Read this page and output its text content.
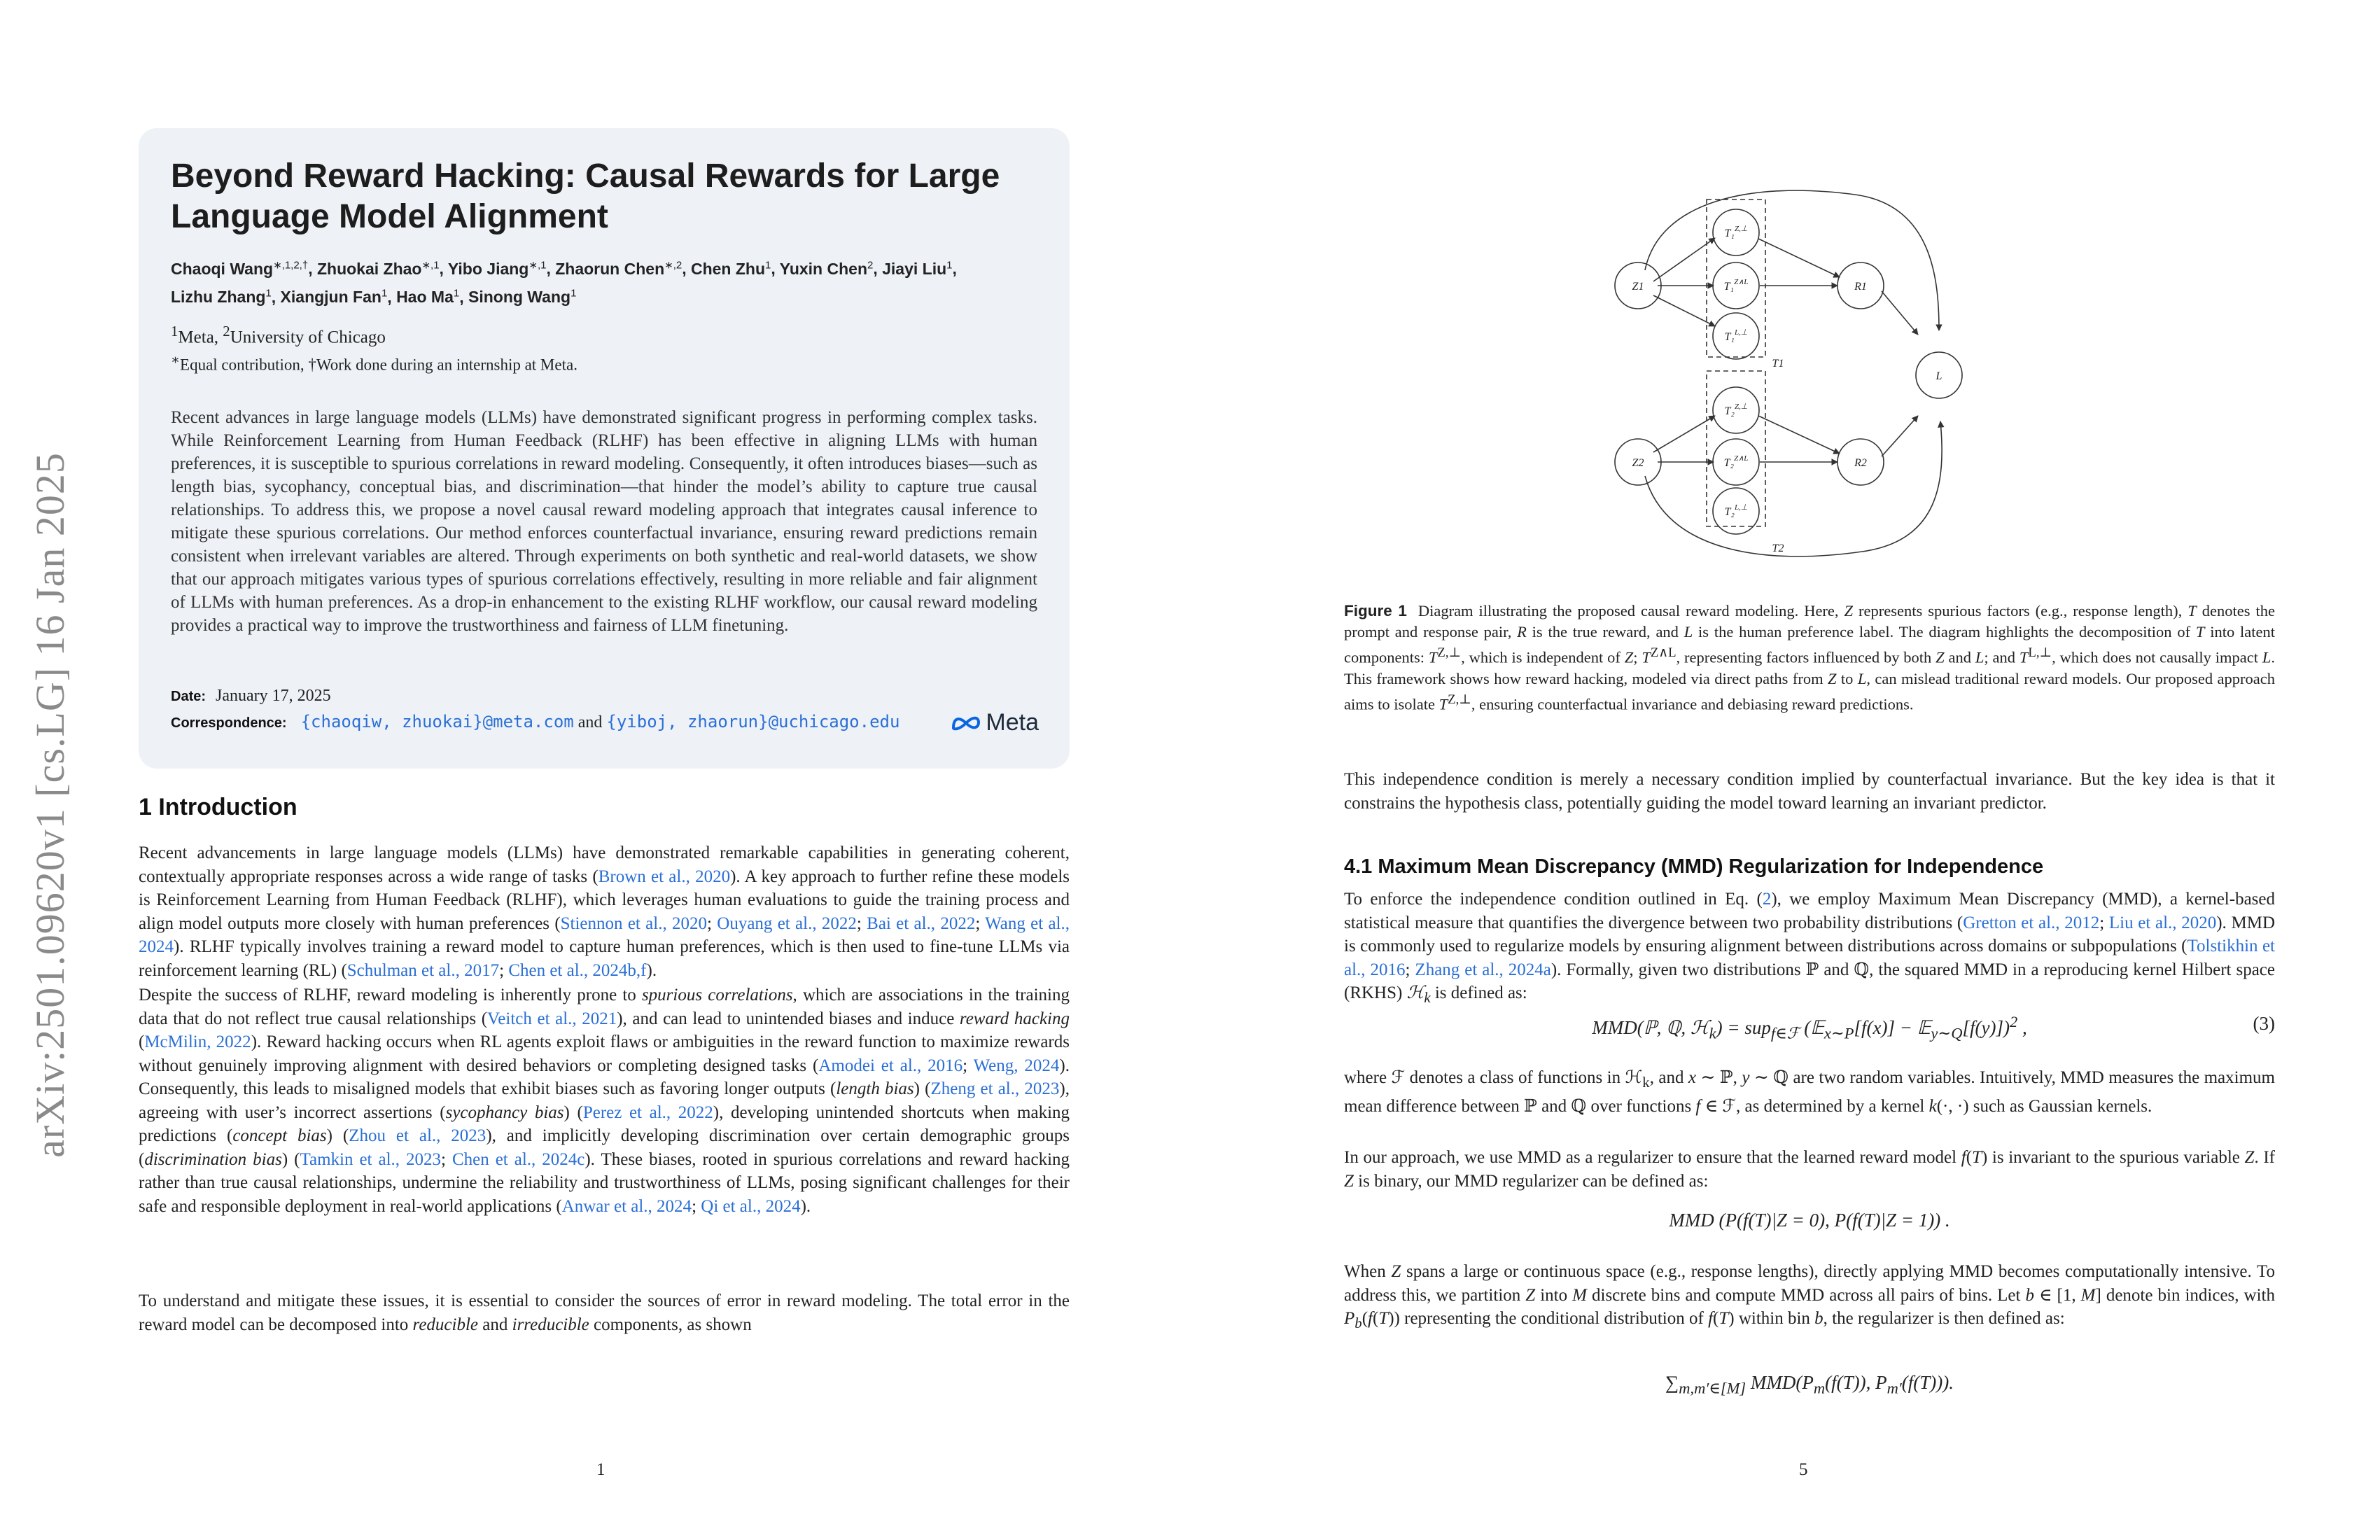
arXiv:2501.09620v1 [cs.LG] 16 Jan 2025
Beyond Reward Hacking: Causal Rewards for Large Language Model Alignment
Chaoqi Wang$^{∗,1,2,\dagger}$, Zhuokai Zhao$^{∗,1}$, Yibo Jiang$^{∗,1}$, Zhaorun Chen$^{∗,2}$, Chen Zhu$^1$, Yuxin Chen$^2$, Jiayi Liu$^1$,
Lizhu Zhang$^1$, Xiangjun Fan$^1$, Hao Ma$^1$, Sinong Wang$^1$
$^1$Meta, $^2$University of Chicago
∗Equal contribution, †Work done during an internship at Meta.

Recent advances in large language models (LLMs) have demonstrated significant progress in performing complex tasks. While Reinforcement Learning from Human Feedback (RLHF) has been effective in aligning LLMs with human preferences, it is susceptible to spurious correlations in reward modeling. Consequently, it often introduces biases—such as length bias, sycophancy, conceptual bias, and discrimination—that hinder the model’s ability to capture true causal relationships. To address this, we propose a novel causal reward modeling approach that integrates causal inference to mitigate these spurious correlations. Our method enforces counterfactual invariance, ensuring reward predictions remain consistent when irrelevant variables are altered. Through experiments on both synthetic and real-world datasets, we show that our approach mitigates various types of spurious correlations effectively, resulting in more reliable and fair alignment of LLMs with human preferences. As a drop-in enhancement to the existing RLHF workflow, our causal reward modeling provides a practical way to improve the trustworthiness and fairness of LLM finetuning.

Date: January 17, 2025
Correspondence: {chaoqiw, zhuokai}@meta.com and {yiboj, zhaorun}@uchicago.edu	Meta
1 Introduction

Recent advancements in large language models (LLMs) have demonstrated remarkable capabilities in generating coherent, contextually appropriate responses across a wide range of tasks (Brown et al., 2020). A key approach to further refine these models is Reinforcement Learning from Human Feedback (RLHF), which leverages human evaluations to guide the training process and align model outputs more closely with human preferences (Stiennon et al., 2020; Ouyang et al., 2022; Bai et al., 2022; Wang et al., 2024). RLHF typically involves training a reward model to capture human preferences, which is then used to fine-tune LLMs via reinforcement learning (RL) (Schulman et al., 2017; Chen et al., 2024b,f).

Despite the success of RLHF, reward modeling is inherently prone to spurious correlations, which are associations in the training data that do not reflect true causal relationships (Veitch et al., 2021), and can lead to unintended biases and induce reward hacking (McMilin, 2022). Reward hacking occurs when RL agents exploit flaws or ambiguities in the reward function to maximize rewards without genuinely improving alignment with desired behaviors or completing designed tasks (Amodei et al., 2016; Weng, 2024). Consequently, this leads to misaligned models that exhibit biases such as favoring longer outputs (length bias) (Zheng et al., 2023), agreeing with user’s incorrect assertions (sycophancy bias) (Perez et al., 2022), developing unintended shortcuts when making predictions (concept bias) (Zhou et al., 2023), and implicitly developing discrimination over certain demographic groups (discrimination bias) (Tamkin et al., 2023; Chen et al., 2024c). These biases, rooted in spurious correlations and reward hacking rather than true causal relationships, undermine the reliability and trustworthiness of LLMs, posing significant challenges for their safe and responsible deployment in real-world applications (Anwar et al., 2024; Qi et al., 2024).

To understand and mitigate these issues, it is essential to consider the sources of error in reward modeling. The total error in the reward model can be decomposed into reducible and irreducible components, as shown

1
Z1
Z2
T₁$^{Z,\perp}$
T₁$^{Z\wedge L}$
T₁$^{L,\perp}$
T₂$^{Z,\perp}$
T₂$^{Z\wedge L}$
T₂$^{L,\perp}$
R1
R2
L
T1
T2
Figure 1  Diagram illustrating the proposed causal reward modeling. Here, Z represents spurious factors (e.g., response length), T denotes the prompt and response pair, R is the true reward, and L is the human preference label. The diagram highlights the decomposition of T into latent components: $T^{Z,\perp}$, which is independent of Z; $T^{Z\wedge L}$, representing factors influenced by both Z and L; and $T^{L,\perp}$, which does not causally impact L. This framework shows how reward hacking, modeled via direct paths from Z to L, can mislead traditional reward models. Our proposed approach aims to isolate $T^{Z,\perp}$, ensuring counterfactual invariance and debiasing reward predictions.

This independence condition is merely a necessary condition implied by counterfactual invariance. But the key idea is that it constrains the hypothesis class, potentially guiding the model toward learning an invariant predictor.

4.1 Maximum Mean Discrepancy (MMD) Regularization for Independence

To enforce the independence condition outlined in Eq. (2), we employ Maximum Mean Discrepancy (MMD), a kernel-based statistical measure that quantifies the divergence between two probability distributions (Gretton et al., 2012; Liu et al., 2020). MMD is commonly used to regularize models by ensuring alignment between distributions across domains or subpopulations (Tolstikhin et al., 2016; Zhang et al., 2024a). Formally, given two distributions ℙ and ℚ, the squared MMD in a reproducing kernel Hilbert space (RKHS) ℋ$_k$ is defined as:

MMD(ℙ, ℚ, ℋ$_k$) = sup$_{f\in ℱ}$ (𝔼$_{x\sim P}$[f(x)] − 𝔼$_{y\sim Q}$[f(y)])$^2$ ,	(3)

where ℱ denotes a class of functions in ℋ$_k$, and x ∼ ℙ, y ∼ ℚ are two random variables. Intuitively, MMD measures the maximum mean difference between ℙ and ℚ over functions f ∈ ℱ, as determined by a kernel k(·, ·) such as Gaussian kernels.

In our approach, we use MMD as a regularizer to ensure that the learned reward model f(T) is invariant to the spurious variable Z. If Z is binary, our MMD regularizer can be defined as:

MMD (P(f(T)|Z = 0), P(f(T)|Z = 1)) .

When Z spans a large or continuous space (e.g., response lengths), directly applying MMD becomes computationally intensive. To address this, we partition Z into M discrete bins and compute MMD across all pairs of bins. Let b ∈ [1, M] denote bin indices, with $P_b(f(T))$ representing the conditional distribution of f(T) within bin b, the regularizer is then defined as:

$\sum_{m,m'\in[M]}$ $MMD(P_m(f(T))$, $P_{m'}(f(T))$).
5
